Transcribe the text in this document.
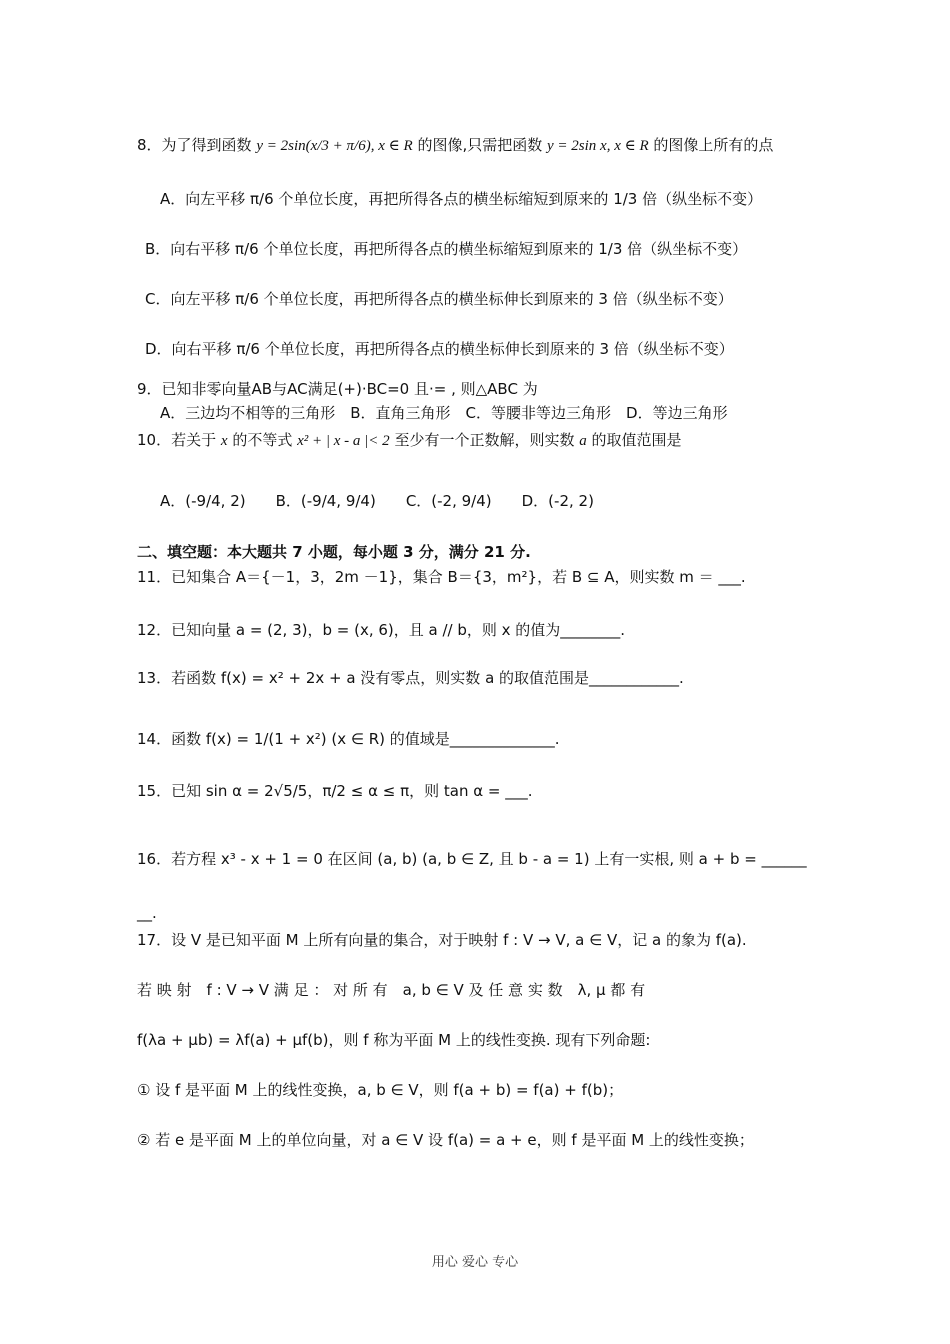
8．为了得到函数 y = 2sin(x/3 + π/6), x ∈ R 的图像,只需把函数 y = 2sin x, x ∈ R 的图像上所有的点
A．向左平移 π/6 个单位长度，再把所得各点的横坐标缩短到原来的 1/3 倍（纵坐标不变）
B．向右平移 π/6 个单位长度，再把所得各点的横坐标缩短到原来的 1/3 倍（纵坐标不变）
C．向左平移 π/6 个单位长度，再把所得各点的横坐标伸长到原来的 3 倍（纵坐标不变）
D．向右平移 π/6 个单位长度，再把所得各点的横坐标伸长到原来的 3 倍（纵坐标不变）
9．已知非零向量AB与AC满足(+)·BC=0 且·= , 则△ABC 为
A．三边均不相等的三角形　B．直角三角形　C．等腰非等边三角形　D．等边三角形
10．若关于 x 的不等式 x² + | x - a |< 2 至少有一个正数解，则实数 a 的取值范围是
A．(-9/4, 2)　　B．(-9/4, 9/4)　　C．(-2, 9/4)　　D．(-2, 2)
二、填空题：本大题共 7 小题，每小题 3 分，满分 21 分.
11．已知集合 A＝{－1，3，2m －1}，集合 B＝{3，m²}，若 B ⊆ A，则实数 m ＝ ___.
12．已知向量 a = (2, 3)，b = (x, 6)，且 a // b，则 x 的值为________.
13．若函数 f(x) = x² + 2x + a 没有零点，则实数 a 的取值范围是____________.
14．函数 f(x) = 1/(1 + x²) (x ∈ R) 的值域是______________.
15．已知 sin α = 2√5/5，π/2 ≤ α ≤ π，则 tan α = ___.
16．若方程 x³ - x + 1 = 0 在区间 (a, b) (a, b ∈ Z, 且 b - a = 1) 上有一实根, 则 a + b = ______
__.
17．设 V 是已知平面 M 上所有向量的集合，对于映射 f : V → V, a ∈ V，记 a 的象为 f(a).
若 映 射　f : V → V 满 足 ： 对 所 有　a, b ∈ V 及 任 意 实 数　λ, μ 都 有
f(λa + μb) = λf(a) + μf(b)，则 f 称为平面 M 上的线性变换. 现有下列命题:
① 设 f 是平面 M 上的线性变换，a, b ∈ V，则 f(a + b) = f(a) + f(b)；
② 若 e 是平面 M 上的单位向量，对 a ∈ V 设 f(a) = a + e，则 f 是平面 M 上的线性变换；
用心 爱心 专心
